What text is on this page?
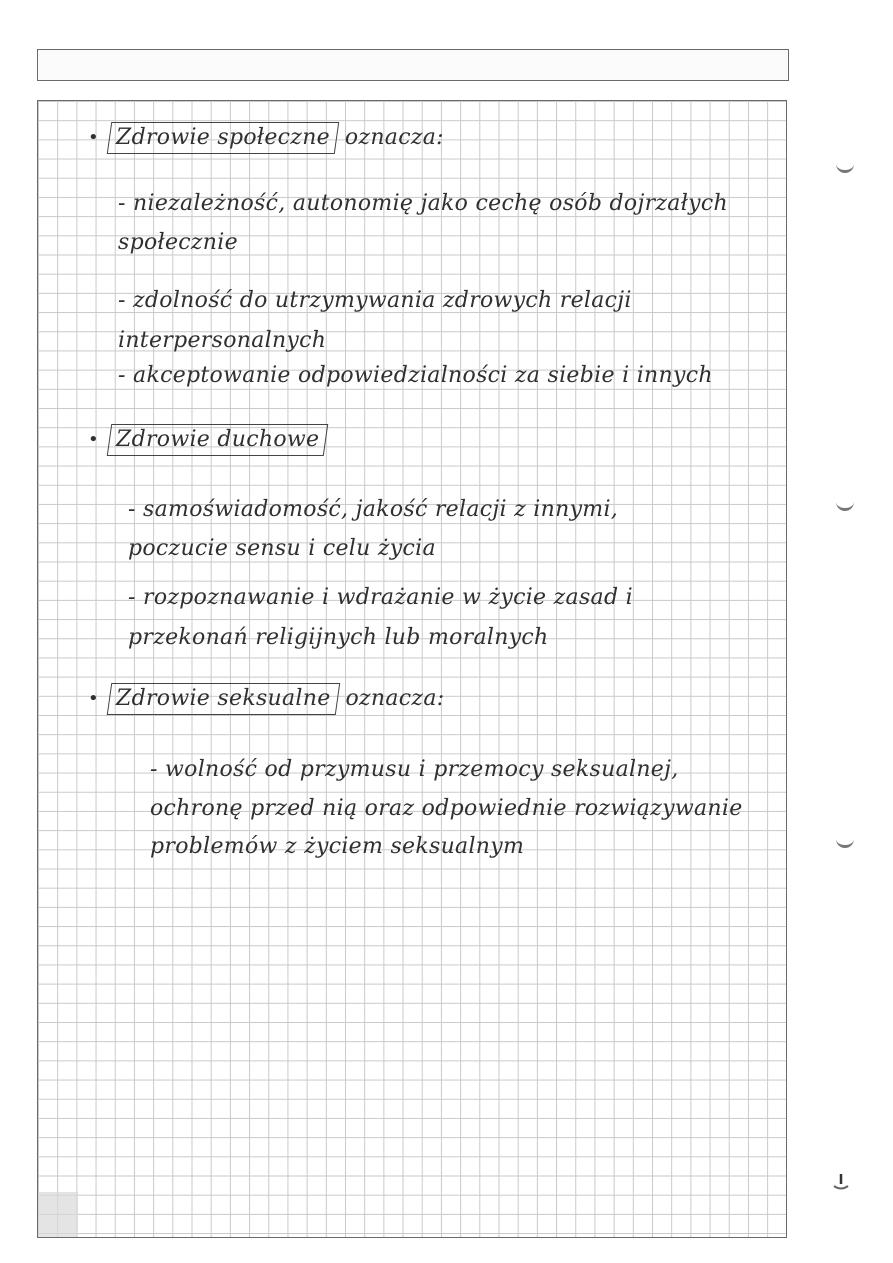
• Zdrowie społeczne oznacza:
- niezależność, autonomię jako cechę osób dojrzałych
społecznie
- zdolność do utrzymywania zdrowych relacji
interpersonalnych
- akceptowanie odpowiedzialności za siebie i innych
• Zdrowie duchowe
- samoświadomość, jakość relacji z innymi,
poczucie sensu i celu życia
- rozpoznawanie i wdrażanie w życie zasad i
przekonań religijnych lub moralnych
• Zdrowie seksualne oznacza:
- wolność od przymusu i przemocy seksualnej,
ochronę przed nią oraz odpowiednie rozwiązywanie
problemów z życiem seksualnym
